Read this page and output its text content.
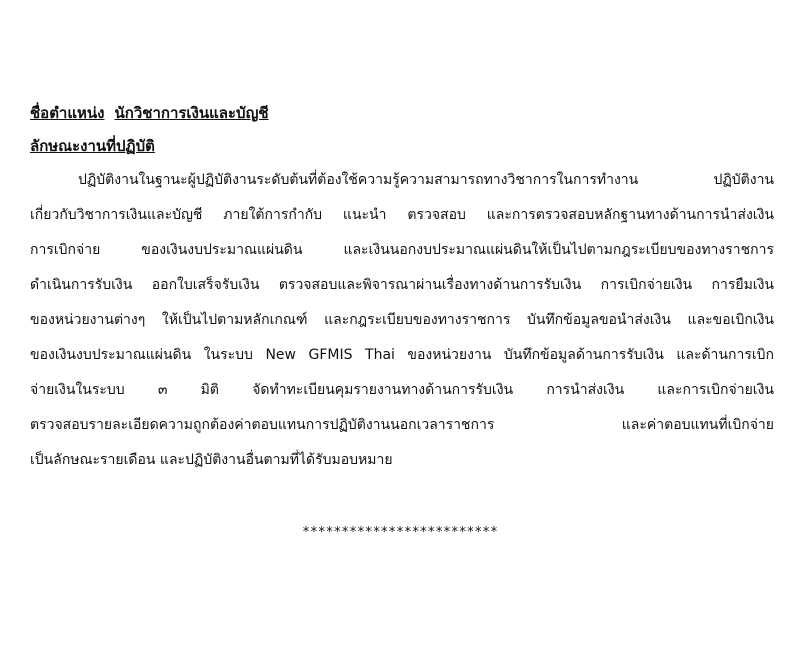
ชื่อตำแหน่ง นักวิชาการเงินและบัญชี

ลักษณะงานที่ปฏิบัติ

ปฏิบัติงานในฐานะผู้ปฏิบัติงานระดับต้นที่ต้องใช้ความรู้ความสามารถทางวิชาการในการทำงาน ปฏิบัติงาน

เกี่ยวกับวิชาการเงินและบัญชี ภายใต้การกำกับ แนะนำ ตรวจสอบ และการตรวจสอบหลักฐานทางด้านการนำส่งเงิน

การเบิกจ่าย ของเงินงบประมาณแผ่นดิน และเงินนอกงบประมาณแผ่นดินให้เป็นไปตามกฎระเบียบของทางราชการ

ดำเนินการรับเงิน ออกใบเสร็จรับเงิน ตรวจสอบและพิจารณาผ่านเรื่องทางด้านการรับเงิน การเบิกจ่ายเงิน การยืมเงิน

ของหน่วยงานต่างๆ ให้เป็นไปตามหลักเกณฑ์ และกฎระเบียบของทางราชการ บันทึกข้อมูลขอนำส่งเงิน และขอเบิกเงิน

ของเงินงบประมาณแผ่นดิน ในระบบ New GFMIS Thai ของหน่วยงาน บันทึกข้อมูลด้านการรับเงิน และด้านการเบิก

จ่ายเงินในระบบ ๓ มิติ จัดทำทะเบียนคุมรายงานทางด้านการรับเงิน การนำส่งเงิน และการเบิกจ่ายเงิน

ตรวจสอบรายละเอียดความถูกต้องค่าตอบแทนการปฏิบัติงานนอกเวลาราชการ และค่าตอบแทนที่เบิกจ่าย

เป็นลักษณะรายเดือน และปฏิบัติงานอื่นตามที่ได้รับมอบหมาย

*************************
